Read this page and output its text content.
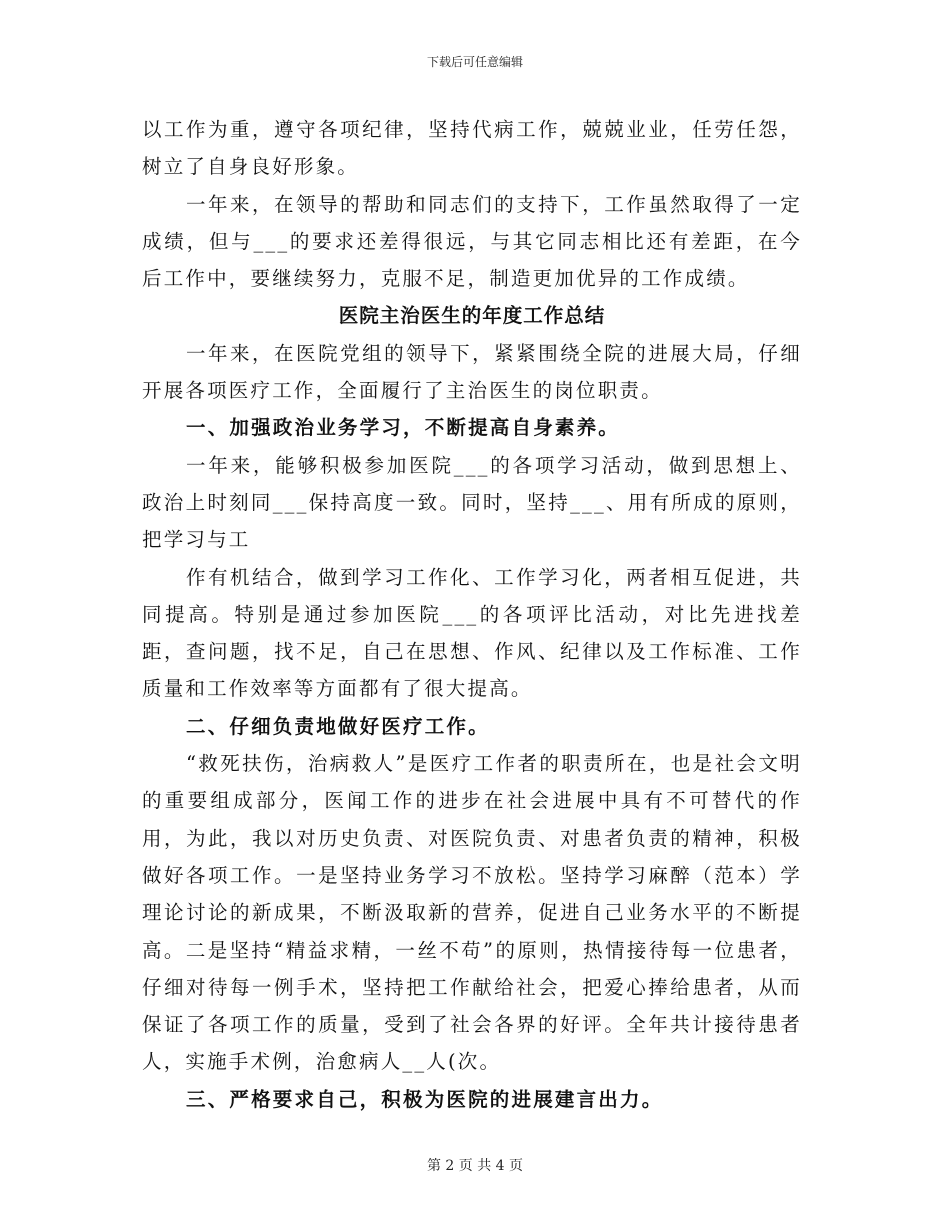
下载后可任意编辑

以工作为重，遵守各项纪律，坚持代病工作，兢兢业业，任劳任怨，树立了自身良好形象。

一年来，在领导的帮助和同志们的支持下，工作虽然取得了一定成绩，但与___的要求还差得很远，与其它同志相比还有差距，在今后工作中，要继续努力，克服不足，制造更加优异的工作成绩。

医院主治医生的年度工作总结

一年来，在医院党组的领导下，紧紧围绕全院的进展大局，仔细开展各项医疗工作，全面履行了主治医生的岗位职责。

一、加强政治业务学习，不断提高自身素养。

一年来，能够积极参加医院___的各项学习活动，做到思想上、政治上时刻同___保持高度一致。同时，坚持___、用有所成的原则，把学习与工

作有机结合，做到学习工作化、工作学习化，两者相互促进，共同提高。特别是通过参加医院___的各项评比活动，对比先进找差距，查问题，找不足，自己在思想、作风、纪律以及工作标准、工作质量和工作效率等方面都有了很大提高。

二、仔细负责地做好医疗工作。

“救死扶伤，治病救人”是医疗工作者的职责所在，也是社会文明的重要组成部分，医闻工作的进步在社会进展中具有不可替代的作用，为此，我以对历史负责、对医院负责、对患者负责的精神，积极做好各项工作。一是坚持业务学习不放松。坚持学习麻醉（范本）学理论讨论的新成果，不断汲取新的营养，促进自己业务水平的不断提高。二是坚持“精益求精，一丝不苟”的原则，热情接待每一位患者，仔细对待每一例手术，坚持把工作献给社会，把爱心捧给患者，从而保证了各项工作的质量，受到了社会各界的好评。全年共计接待患者人，实施手术例，治愈病人__人(次。

三、严格要求自己，积极为医院的进展建言出力。

第 2 页 共 4 页
